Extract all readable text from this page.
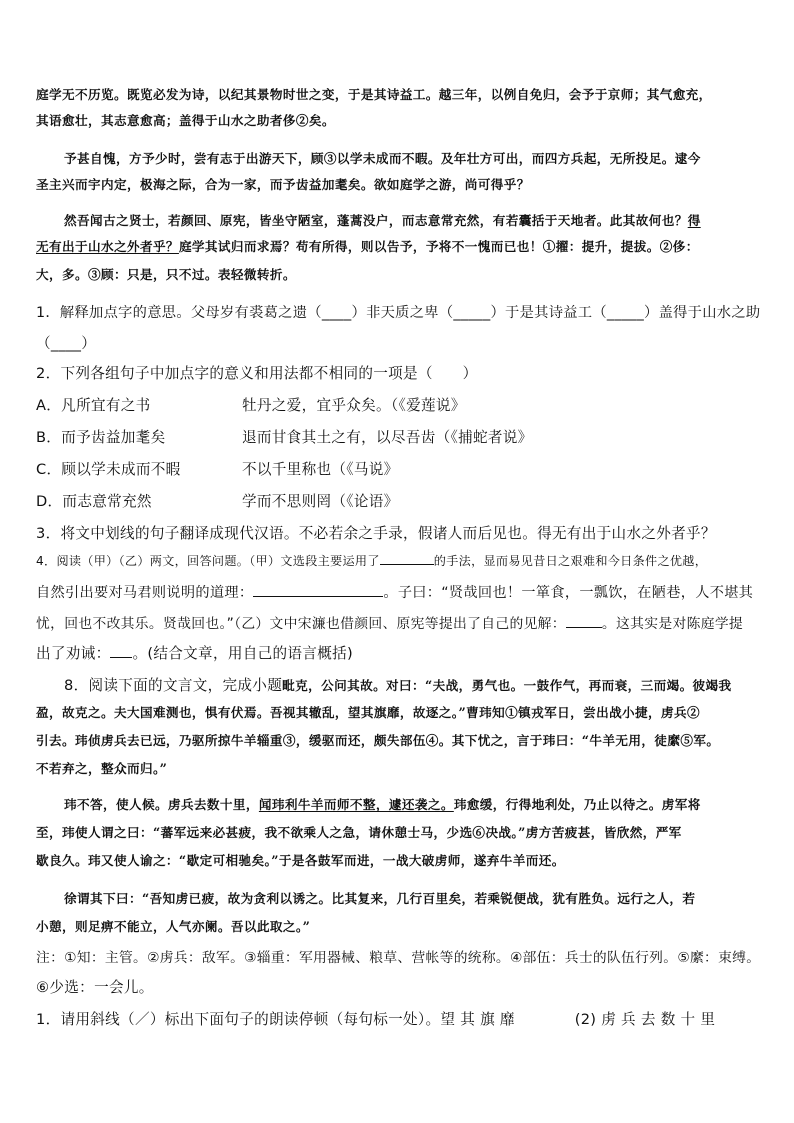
庭学无不历览。既览必发为诗，以纪其景物时世之变，于是其诗益工。越三年，以例自免归，会予于京师；其气愈充，
其语愈壮，其志意愈高；盖得于山水之助者侈②矣。
予甚自愧，方予少时，尝有志于出游天下，顾③以学未成而不暇。及年壮方可出，而四方兵起，无所投足。逮今
圣主兴而宇内定，极海之际，合为一家，而予齿益加耄矣。欲如庭学之游，尚可得乎？
然吾闻古之贤士，若颜回、原宪，皆坐守陋室，蓬蒿没户，而志意常充然，有若囊括于天地者。此其故何也？得
无有出于山水之外者乎？庭学其试归而求焉？苟有所得，则以告予，予将不一愧而已也！①擢：提升，提拔。②侈：
大，多。③顾：只是，只不过。表轻微转折。
1．解释加点字的意思。父母岁有裘葛之遗（____）非天质之卑（_____）于是其诗益工（_____）盖得于山水之助
（____）
2．下列各组句子中加点字的意义和用法都不相同的一项是（　　）
A．凡所宜有之书	牡丹之爱，宜乎众矣。（《爱莲说》
B．而予齿益加耄矣	退而甘食其土之有，以尽吾齿（《捕蛇者说》
C．顾以学未成而不暇	不以千里称也（《马说》
D．而志意常充然	学而不思则罔（《论语》
3．将文中划线的句子翻译成现代汉语。不必若余之手录，假诸人而后见也。得无有出于山水之外者乎？
4．阅读（甲）（乙）两文，回答问题。（甲）文选段主要运用了	的手法，显而易见昔日之艰难和今日条件之优越，
自然引出要对马君则说明的道理：	。子曰：“贤哉回也！一箪食，一瓢饮，在陋巷，人不堪其
忧，回也不改其乐。贤哉回也。”（乙）文中宋濂也借颜回、原宪等提出了自己的见解：	。这其实是对陈庭学提
出了劝诫： 。(结合文章，用自己的语言概括)
8．阅读下面的文言文，完成小题毗克，公问其故。对曰：“夫战，勇气也。一鼓作气，再而衰，三而竭。彼竭我
盈，故克之。夫大国难测也，惧有伏焉。吾视其辙乱，望其旗靡，故逐之。”曹玮知①镇戎军日，尝出战小捷，虏兵②
引去。玮侦虏兵去已远，乃驱所掠牛羊辎重③，缓驱而还，颇失部伍④。其下忧之，言于玮曰：“牛羊无用，徒縻⑤军。
不若弃之，整众而归。”
玮不答，使人候。虏兵去数十里，闻玮利牛羊而师不整，遽还袭之。玮愈缓，行得地利处，乃止以待之。虏军将
至，玮使人谓之曰：“蕃军远来必甚疲，我不欲乘人之急，请休憩士马，少选⑥决战。”虏方苦疲甚，皆欣然，严军
歇良久。玮又使人谕之：“歇定可相驰矣。”于是各鼓军而进，一战大破虏师，遂弃牛羊而还。
徐谓其下曰：“吾知虏已疲，故为贪利以诱之。比其复来，几行百里矣，若乘锐便战，犹有胜负。远行之人，若
小憩，则足痹不能立，人气亦阑。吾以此取之。”
注：①知：主管。②虏兵：敌军。③辎重：军用器械、粮草、营帐等的统称。④部伍：兵士的队伍行列。⑤縻：束缚。
⑥少选：一会儿。
1．请用斜线（／）标出下面句子的朗读停顿（每句标一处）。望 其 旗 靡	(2) 虏 兵 去 数 十 里
